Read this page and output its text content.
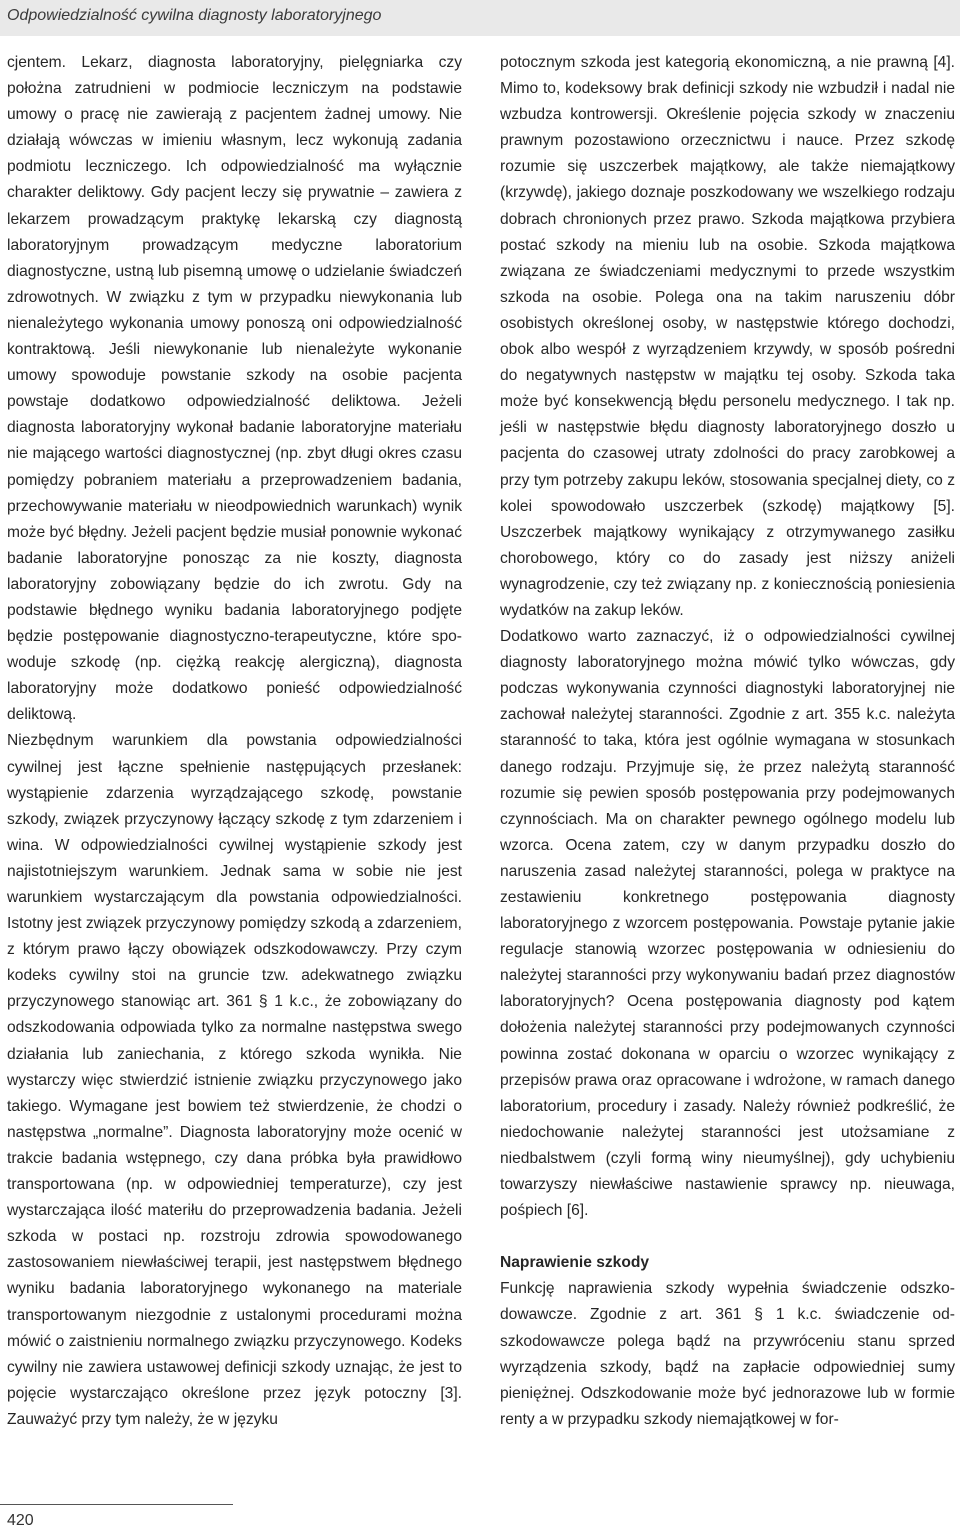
Odpowiedzialność cywilna diagnosty laboratoryjnego

cjentem. Lekarz, diagnosta laboratoryjny, pielęgniarka czy położna zatrudnieni w podmiocie leczniczym na podstawie umowy o pracę nie zawierają z pacjentem żadnej umowy. Nie działają wówczas w imieniu własnym, lecz wykonują zadania podmiotu leczniczego. Ich odpowiedzialność ma wyłącznie charakter deliktowy. Gdy pacjent leczy się prywatnie – zawiera z lekarzem prowadzącym praktykę lekarską czy diagnostą laboratoryjnym prowadzącym medyczne laboratorium diagnostyczne, ustną lub pisemną umowę o udzielanie świadczeń zdrowotnych. W związku z tym w przypadku niewykonania lub nienależytego wykonania umowy ponoszą oni odpowiedzialność kontraktową. Jeśli niewykonanie lub nienależyte wykonanie umowy spowoduje powstanie szkody na osobie pacjenta powstaje dodatkowo odpowiedzialność deliktowa. Jeżeli diagnosta laboratoryjny wykonał badanie laboratoryjne materiału nie mającego wartości diagnostycznej (np. zbyt długi okres czasu pomiędzy pobraniem materiału a przeprowadzeniem badania, przechowywanie materiału w nieodpowiednich warunkach) wynik może być błędny. Jeżeli pacjent będzie musiał ponownie wykonać badanie laboratoryjne ponosząc za nie koszty, diagnosta laboratoryjny zobowiązany będzie do ich zwrotu. Gdy na podstawie błędnego wyniku badania laboratoryjnego podjęte będzie postępowanie diagnostyczno-terapeutyczne, które spowoduje szkodę (np. ciężką reakcję alergiczną), diagnosta laboratoryjny może dodatkowo ponieść odpowiedzialność deliktową.

Niezbędnym warunkiem dla powstania odpowiedzialności cywilnej jest łączne spełnienie następujących przesłanek: wystąpienie zdarzenia wyrządzającego szkodę, powstanie szkody, związek przyczynowy łączący szkodę z tym zdarzeniem i wina. W odpowiedzialności cywilnej wystąpienie szkody jest najistotniejszym warunkiem. Jednak sama w sobie nie jest warunkiem wystarczającym dla powstania odpowiedzialności. Istotny jest związek przyczynowy pomiędzy szkodą a zdarzeniem, z którym prawo łączy obowiązek odszkodowawczy. Przy czym kodeks cywilny stoi na gruncie tzw. adekwatnego związku przyczynowego stanowiąc art. 361 § 1 k.c., że zobowiązany do odszkodowania odpowiada tylko za normalne następstwa swego działania lub zaniechania, z którego szkoda wynikła. Nie wystarczy więc stwierdzić istnienie związku przyczynowego jako takiego. Wymagane jest bowiem też stwierdzenie, że chodzi o następstwa „normalne”. Diagnosta laboratoryjny może ocenić w trakcie badania wstępnego, czy dana próbka była prawidłowo transportowana (np. w odpowiedniej temperaturze), czy jest wystarczająca ilość materiłu do przeprowadzenia badania. Jeżeli szkoda w postaci np. rozstroju zdrowia spowodowanego zastosowaniem niewłaściwej terapii, jest następstwem błędnego wyniku badania laboratoryjnego wykonanego na materiale transportowanym niezgodnie z ustalonymi procedurami można mówić o zaistnieniu normalnego związku przyczynowego. Kodeks cywilny nie zawiera ustawowej definicji szkody uznając, że jest to pojęcie wystarczająco określone przez język potoczny [3]. Zauważyć przy tym należy, że w języku

potocznym szkoda jest kategorią ekonomiczną, a nie prawną [4]. Mimo to, kodeksowy brak definicji szkody nie wzbudził i nadal nie wzbudza kontrowersji. Określenie pojęcia szkody w znaczeniu prawnym pozostawiono orzecznictwu i nauce. Przez szkodę rozumie się uszczerbek majątkowy, ale także niemajątkowy (krzywdę), jakiego doznaje poszkodowany we wszelkiego rodzaju dobrach chronionych przez prawo. Szkoda majątkowa przybiera postać szkody na mieniu lub na osobie. Szkoda majątkowa związana ze świadczeniami medycznymi to przede wszystkim szkoda na osobie. Polega ona na takim naruszeniu dóbr osobistych określonej osoby, w następstwie którego dochodzi, obok albo wespół z wyrządzeniem krzywdy, w sposób pośredni do negatywnych następstw w majątku tej osoby. Szkoda taka może być konsekwencją błędu personelu medycznego. I tak np. jeśli w następstwie błędu diagnosty laboratoryjnego doszło u pacjenta do czasowej utraty zdolności do pracy zarobkowej a przy tym potrzeby zakupu leków, stosowania specjalnej diety, co z kolei spowodowało uszczerbek (szkodę) majątkowy [5]. Uszczerbek majątkowy wynikający z otrzymywanego zasiłku chorobowego, który co do zasady jest niższy aniżeli wynagrodzenie, czy też związany np. z koniecznością poniesienia wydatków na zakup leków.

Dodatkowo warto zaznaczyć, iż o odpowiedzialności cywilnej diagnosty laboratoryjnego można mówić tylko wówczas, gdy podczas wykonywania czynności diagnostyki laboratoryjnej nie zachował należytej staranności. Zgodnie z art. 355 k.c. należyta staranność to taka, która jest ogólnie wymagana w stosunkach danego rodzaju. Przyjmuje się, że przez należytą staranność rozumie się pewien sposób postępowania przy podejmowanych czynnościach. Ma on charakter pewnego ogólnego modelu lub wzorca. Ocena zatem, czy w danym przypadku doszło do naruszenia zasad należytej staranności, polega w praktyce na zestawieniu konkretnego postępowania diagnosty laboratoryjnego z wzorcem postępowania. Powstaje pytanie jakie regulacje stanowią wzorzec postępowania w odniesieniu do należytej staranności przy wykonywaniu badań przez diagnostów laboratoryjnych? Ocena postępowania diagnosty pod kątem dołożenia należytej staranności przy podejmowanych czynności powinna zostać dokonana w oparciu o wzorzec wynikający z przepisów prawa oraz opracowane i wdrożone, w ramach danego laboratorium, procedury i zasady. Należy również podkreślić, że niedochowanie należytej staranności jest utożsamiane z niedbalstwem (czyli formą winy nieumyślnej), gdy uchybieniu towarzyszy niewłaściwe nastawienie sprawcy np. nieuwaga, pośpiech [6].

Naprawienie szkody

Funkcję naprawienia szkody wypełnia świadczenie odszkodowawcze. Zgodnie z art. 361 § 1 k.c. świadczenie odszkodowawcze polega bądź na przywróceniu stanu sprzed wyrządzenia szkody, bądź na zapłacie odpowiedniej sumy pieniężnej. Odszkodowanie może być jednorazowe lub w formie renty a w przypadku szkody niemajątkowej w for-

420
